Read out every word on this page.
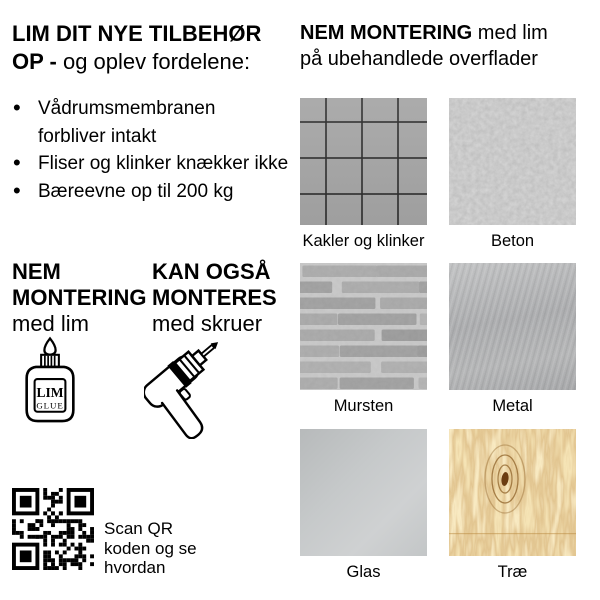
LIM DIT NYE TILBEHØR
OP - og oplev fordelene:
• Vådrumsmembranen
forbliver intakt
• Fliser og klinker knækker ikke
• Bæreevne op til 200 kg
NEM
MONTERING
med lim
KAN OGSÅ
MONTERES
med skruer
LIM
GLUE
Scan QR
koden og se
hvordan
NEM MONTERING med lim
på ubehandlede overflader
Kakler og klinker	Beton
Mursten	Metal
Glas	Træ
